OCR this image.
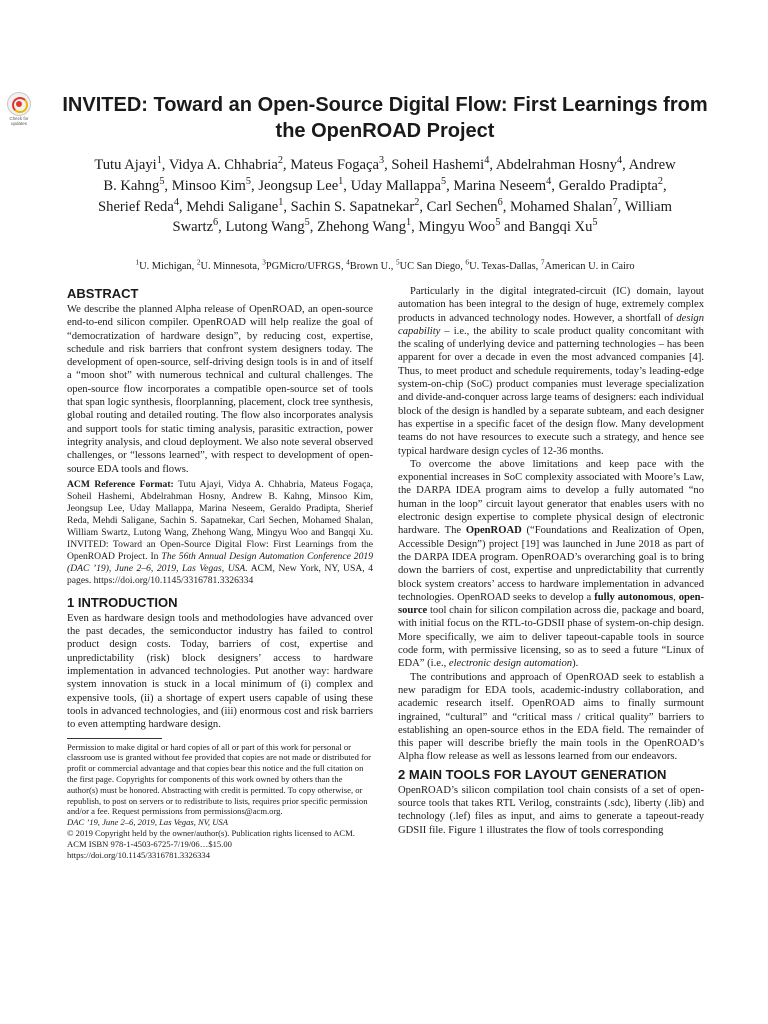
Check for updates
INVITED: Toward an Open-Source Digital Flow: First Learnings from the OpenROAD Project
Tutu Ajayi$^1$, Vidya A. Chhabria$^2$, Mateus Fogaça$^3$, Soheil Hashemi$^4$, Abdelrahman Hosny$^4$, Andrew B. Kahng$^5$, Minsoo Kim$^5$, Jeongsup Lee$^1$, Uday Mallappa$^5$, Marina Neseem$^4$, Geraldo Pradipta$^2$, Sherief Reda$^4$, Mehdi Saligane$^1$, Sachin S. Sapatnekar$^2$, Carl Sechen$^6$, Mohamed Shalan$^7$, William Swartz$^6$, Lutong Wang$^5$, Zhehong Wang$^1$, Mingyu Woo$^5$ and Bangqi Xu$^5$
$^1$U. Michigan, $^2$U. Minnesota, $^3$PGMicro/UFRGS, $^4$Brown U., $^5$UC San Diego, $^6$U. Texas-Dallas, $^7$American U. in Cairo
ABSTRACT

We describe the planned Alpha release of OpenROAD, an open-source end-to-end silicon compiler. OpenROAD will help realize the goal of “democratization of hardware design”, by reducing cost, expertise, schedule and risk barriers that confront system designers today. The development of open-source, self-driving design tools is in and of itself a “moon shot” with numerous technical and cultural challenges. The open-source flow incorporates a compatible open-source set of tools that span logic synthesis, floorplanning, placement, clock tree synthesis, global routing and detailed routing. The flow also incorporates analysis and support tools for static timing analysis, parasitic extraction, power integrity analysis, and cloud deployment. We also note several observed challenges, or “lessons learned”, with respect to development of open-source EDA tools and flows.

ACM Reference Format: Tutu Ajayi, Vidya A. Chhabria, Mateus Fogaça, Soheil Hashemi, Abdelrahman Hosny, Andrew B. Kahng, Minsoo Kim, Jeongsup Lee, Uday Mallappa, Marina Neseem, Geraldo Pradipta, Sherief Reda, Mehdi Saligane, Sachin S. Sapatnekar, Carl Sechen, Mohamed Shalan, William Swartz, Lutong Wang, Zhehong Wang, Mingyu Woo and Bangqi Xu. INVITED: Toward an Open-Source Digital Flow: First Learnings from the OpenROAD Project. In The 56th Annual Design Automation Conference 2019 (DAC ’19), June 2–6, 2019, Las Vegas, USA. ACM, New York, NY, USA, 4 pages. https://doi.org/10.1145/3316781.3326334

1 INTRODUCTION

Even as hardware design tools and methodologies have advanced over the past decades, the semiconductor industry has failed to control product design costs. Today, barriers of cost, expertise and unpredictability (risk) block designers’ access to hardware implementation in advanced technologies. Put another way: hardware system innovation is stuck in a local minimum of (i) complex and expensive tools, (ii) a shortage of expert users capable of using these tools in advanced technologies, and (iii) enormous cost and risk barriers to even attempting hardware design.

Permission to make digital or hard copies of all or part of this work for personal or classroom use is granted without fee provided that copies are not made or distributed for profit or commercial advantage and that copies bear this notice and the full citation on the first page. Copyrights for components of this work owned by others than the author(s) must be honored. Abstracting with credit is permitted. To copy otherwise, or republish, to post on servers or to redistribute to lists, requires prior specific permission and/or a fee. Request permissions from permissions@acm.org.

DAC ’19, June 2–6, 2019, Las Vegas, NV, USA

© 2019 Copyright held by the owner/author(s). Publication rights licensed to ACM.

ACM ISBN 978-1-4503-6725-7/19/06…$15.00

https://doi.org/10.1145/3316781.3326334

Particularly in the digital integrated-circuit (IC) domain, layout automation has been integral to the design of huge, extremely complex products in advanced technology nodes. However, a shortfall of design capability – i.e., the ability to scale product quality concomitant with the scaling of underlying device and patterning technologies – has been apparent for over a decade in even the most advanced companies [4]. Thus, to meet product and schedule requirements, today’s leading-edge system-on-chip (SoC) product companies must leverage specialization and divide-and-conquer across large teams of designers: each individual block of the design is handled by a separate subteam, and each designer has expertise in a specific facet of the design flow. Many development teams do not have resources to execute such a strategy, and hence see typical hardware design cycles of 12-36 months.

To overcome the above limitations and keep pace with the exponential increases in SoC complexity associated with Moore’s Law, the DARPA IDEA program aims to develop a fully automated “no human in the loop” circuit layout generator that enables users with no electronic design expertise to complete physical design of electronic hardware. The OpenROAD (“Foundations and Realization of Open, Accessible Design”) project [19] was launched in June 2018 as part of the DARPA IDEA program. OpenROAD’s overarching goal is to bring down the barriers of cost, expertise and unpredictability that currently block system creators’ access to hardware implementation in advanced technologies. OpenROAD seeks to develop a fully autonomous, open-source tool chain for silicon compilation across die, package and board, with initial focus on the RTL-to-GDSII phase of system-on-chip design. More specifically, we aim to deliver tapeout-capable tools in source code form, with permissive licensing, so as to seed a future “Linux of EDA” (i.e., electronic design automation).

The contributions and approach of OpenROAD seek to establish a new paradigm for EDA tools, academic-industry collaboration, and academic research itself. OpenROAD aims to finally surmount ingrained, “cultural” and “critical mass / critical quality” barriers to establishing an open-source ethos in the EDA field. The remainder of this paper will describe briefly the main tools in the OpenROAD’s Alpha flow release as well as lessons learned from our endeavors.

2 MAIN TOOLS FOR LAYOUT GENERATION

OpenROAD’s silicon compilation tool chain consists of a set of open-source tools that takes RTL Verilog, constraints (.sdc), liberty (.lib) and technology (.lef) files as input, and aims to generate a tapeout-ready GDSII file. Figure 1 illustrates the flow of tools corresponding
